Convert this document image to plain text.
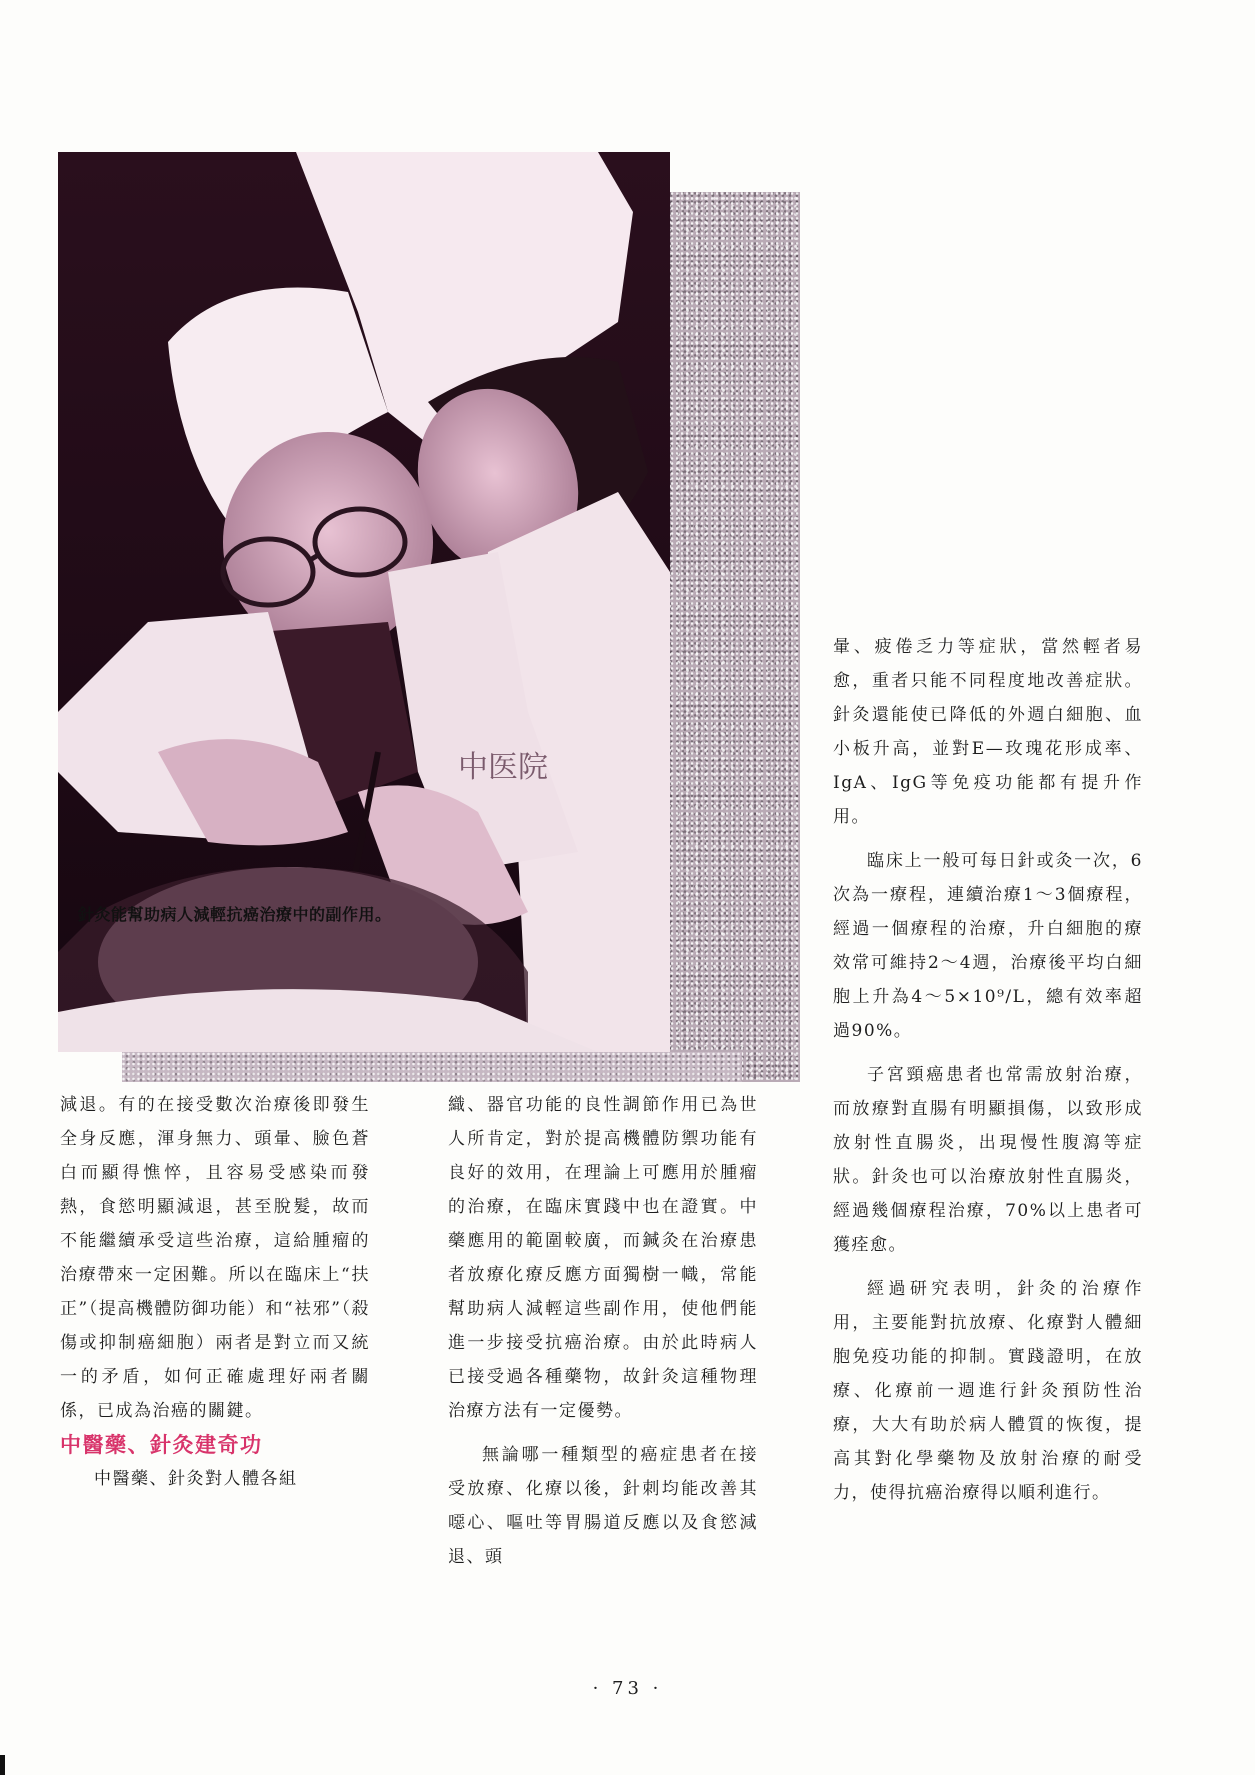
中医院
針灸能幫助病人減輕抗癌治療中的副作用。

減退。有的在接受數次治療後即發生全身反應，渾身無力、頭暈、臉色蒼白而顯得憔悴，且容易受感染而發熱，食慾明顯減退，甚至脫髮，故而不能繼續承受這些治療，這給腫瘤的治療帶來一定困難。所以在臨床上“扶正”（提高機體防御功能）和“袪邪”（殺傷或抑制癌細胞）兩者是對立而又統一的矛盾，如何正確處理好兩者關係，已成為治癌的關鍵。

中醫藥、針灸建奇功

中醫藥、針灸對人體各組

織、器官功能的良性調節作用已為世人所肯定，對於提高機體防禦功能有良好的效用，在理論上可應用於腫瘤的治療，在臨床實踐中也在證實。中藥應用的範圍較廣，而鍼灸在治療患者放療化療反應方面獨樹一幟，常能幫助病人減輕這些副作用，使他們能進一步接受抗癌治療。由於此時病人已接受過各種藥物，故針灸這種物理治療方法有一定優勢。

無論哪一種類型的癌症患者在接受放療、化療以後，針刺均能改善其噁心、嘔吐等胃腸道反應以及食慾減退、頭

暈、疲倦乏力等症狀，當然輕者易愈，重者只能不同程度地改善症狀。針灸還能使已降低的外週白細胞、血小板升高，並對E—玫瑰花形成率、IgA、IgG等免疫功能都有提升作用。

臨床上一般可每日針或灸一次，6次為一療程，連續治療1～3個療程，經過一個療程的治療，升白細胞的療效常可維持2～4週，治療後平均白細胞上升為4～5×10⁹/L，總有效率超過90%。

子宮頸癌患者也常需放射治療，而放療對直腸有明顯損傷，以致形成放射性直腸炎，出現慢性腹瀉等症狀。針灸也可以治療放射性直腸炎，經過幾個療程治療，70%以上患者可獲痊愈。

經過研究表明，針灸的治療作用，主要能對抗放療、化療對人體細胞免疫功能的抑制。實踐證明，在放療、化療前一週進行針灸預防性治療，大大有助於病人體質的恢復，提高其對化學藥物及放射治療的耐受力，使得抗癌治療得以順利進行。

· 73 ·
